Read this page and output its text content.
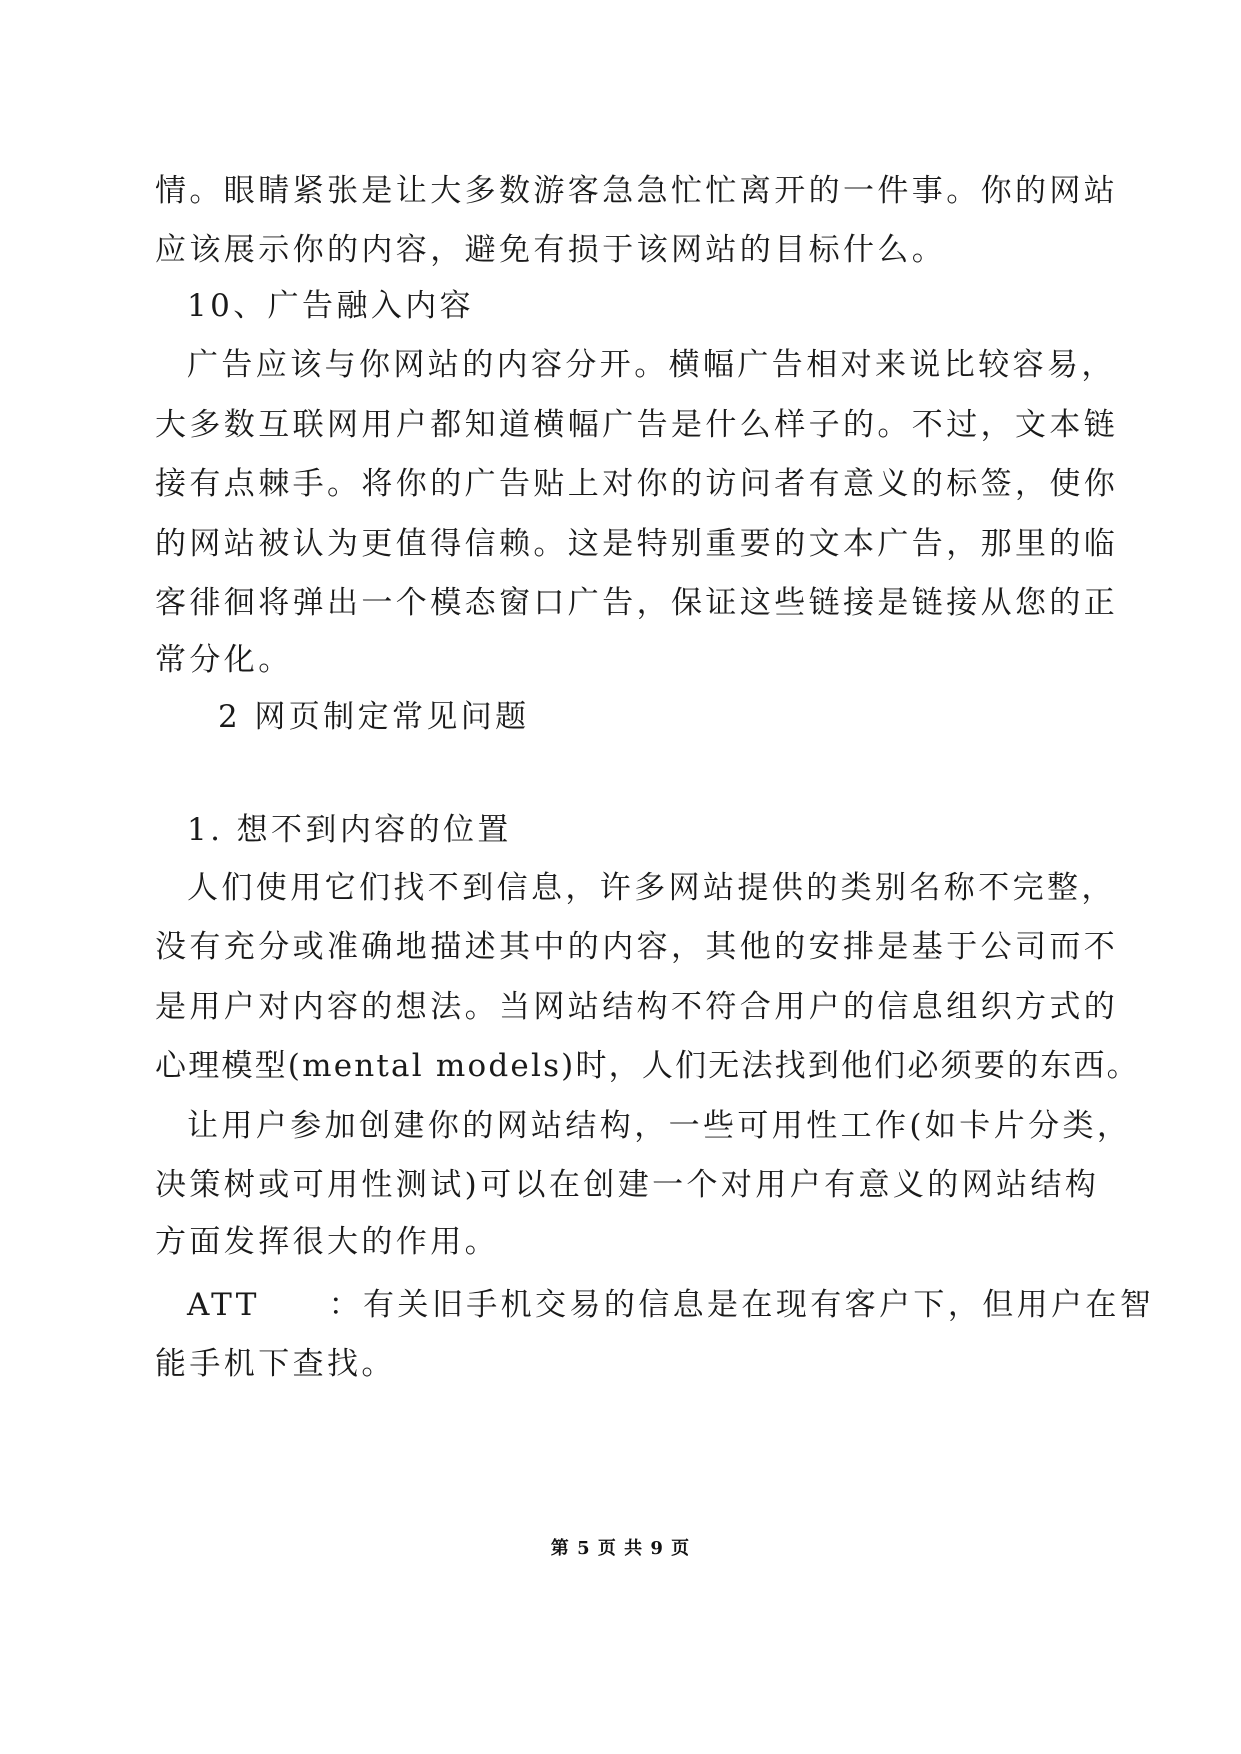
情。眼睛紧张是让大多数游客急急忙忙离开的一件事。你的网站
应该展示你的内容，避免有损于该网站的目标什么。
10、广告融入内容
广告应该与你网站的内容分开。横幅广告相对来说比较容易，
大多数互联网用户都知道横幅广告是什么样子的。不过，文本链
接有点棘手。将你的广告贴上对你的访问者有意义的标签，使你
的网站被认为更值得信赖。这是特别重要的文本广告，那里的临
客徘徊将弹出一个模态窗口广告，保证这些链接是链接从您的正
常分化。
2 网页制定常见问题
1. 想不到内容的位置
人们使用它们找不到信息，许多网站提供的类别名称不完整，
没有充分或准确地描述其中的内容，其他的安排是基于公司而不
是用户对内容的想法。当网站结构不符合用户的信息组织方式的
心理模型(mental models)时，人们无法找到他们必须要的东西。
让用户参加创建你的网站结构，一些可用性工作(如卡片分类，
决策树或可用性测试)可以在创建一个对用户有意义的网站结构
方面发挥很大的作用。
ATT　　：有关旧手机交易的信息是在现有客户下，但用户在智
能手机下查找。
第 5 页 共 9 页
